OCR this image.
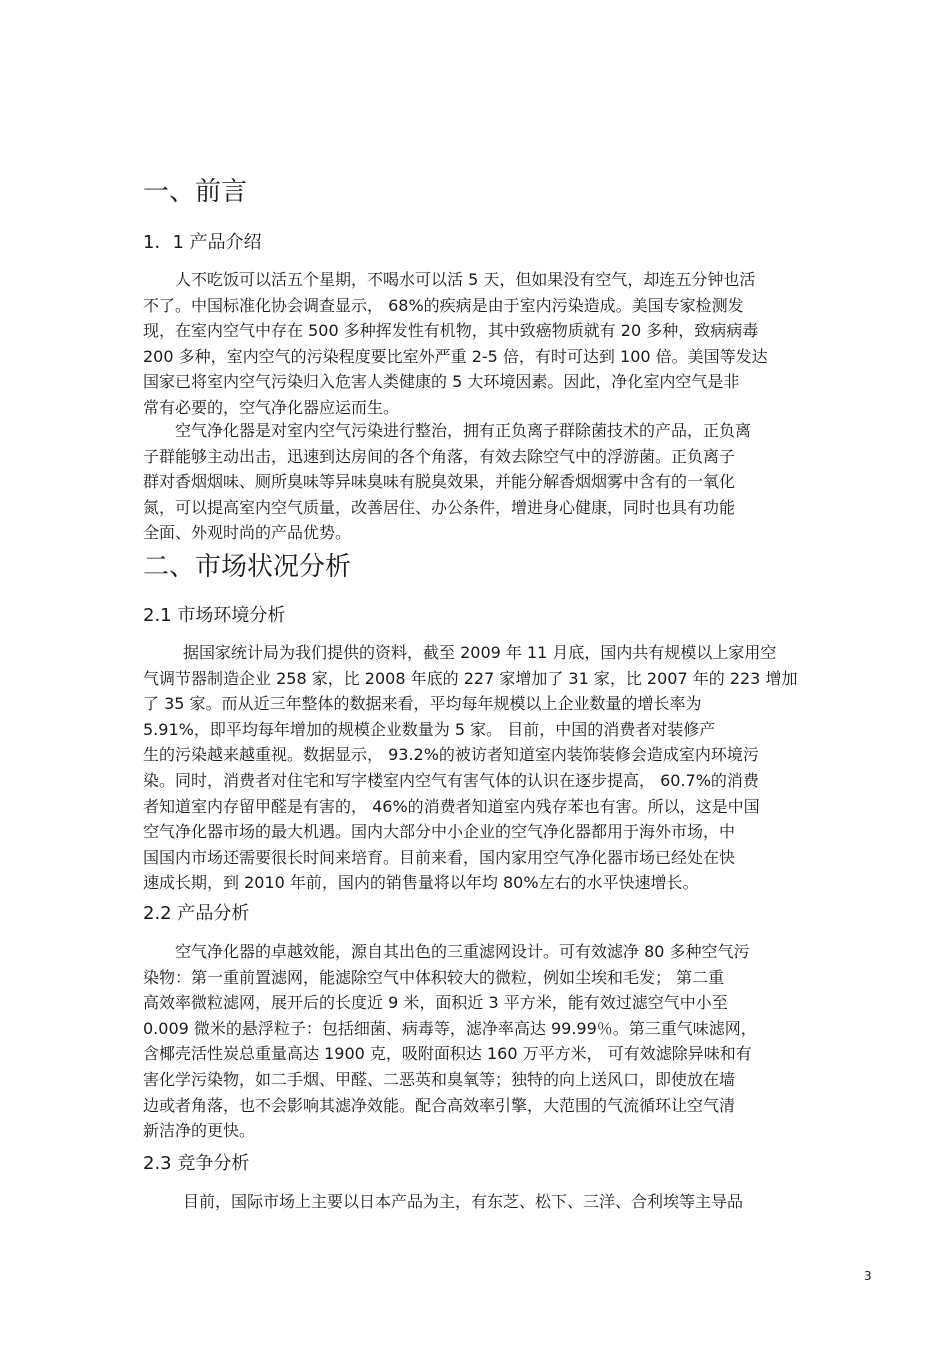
一、前言
1．1 产品介绍
人不吃饭可以活五个星期，不喝水可以活 5 天，但如果没有空气，却连五分钟也活
不了。中国标准化协会调查显示， 68%的疾病是由于室内污染造成。美国专家检测发
现，在室内空气中存在 500 多种挥发性有机物，其中致癌物质就有 20 多种，致病病毒
200 多种，室内空气的污染程度要比室外严重 2-5 倍，有时可达到 100 倍。美国等发达
国家已将室内空气污染归入危害人类健康的 5 大环境因素。因此，净化室内空气是非
常有必要的，空气净化器应运而生。
空气净化器是对室内空气污染进行整治，拥有正负离子群除菌技术的产品，正负离
子群能够主动出击，迅速到达房间的各个角落，有效去除空气中的浮游菌。正负离子
群对香烟烟味、厕所臭味等异味臭味有脱臭效果，并能分解香烟烟雾中含有的一氧化
氮，可以提高室内空气质量，改善居住、办公条件，增进身心健康，同时也具有功能
全面、外观时尚的产品优势。
二、市场状况分析
2.1 市场环境分析
据国家统计局为我们提供的资料，截至 2009 年 11 月底，国内共有规模以上家用空
气调节器制造企业 258 家，比 2008 年底的 227 家增加了 31 家，比 2007 年的 223 增加
了 35 家。而从近三年整体的数据来看，平均每年规模以上企业数量的增长率为
5.91%，即平均每年增加的规模企业数量为 5 家。 目前，中国的消费者对装修产
生的污染越来越重视。数据显示， 93.2%的被访者知道室内装饰装修会造成室内环境污
染。同时，消费者对住宅和写字楼室内空气有害气体的认识在逐步提高， 60.7%的消费
者知道室内存留甲醛是有害的， 46%的消费者知道室内残存苯也有害。所以，这是中国
空气净化器市场的最大机遇。国内大部分中小企业的空气净化器都用于海外市场，中
国国内市场还需要很长时间来培育。目前来看，国内家用空气净化器市场已经处在快
速成长期，到 2010 年前，国内的销售量将以年均 80%左右的水平快速增长。
2.2 产品分析
空气净化器的卓越效能，源自其出色的三重滤网设计。可有效滤净 80 多种空气污
染物：第一重前置滤网，能滤除空气中体积较大的微粒，例如尘埃和毛发； 第二重
高效率微粒滤网，展开后的长度近 9 米，面积近 3 平方米，能有效过滤空气中小至
0.009 微米的悬浮粒子：包括细菌、病毒等，滤净率高达 99.99％。第三重气味滤网，
含椰壳活性炭总重量高达 1900 克，吸附面积达 160 万平方米， 可有效滤除异味和有
害化学污染物，如二手烟、甲醛、二恶英和臭氧等；独特的向上送风口，即使放在墙
边或者角落，也不会影响其滤净效能。配合高效率引擎，大范围的气流循环让空气清
新洁净的更快。
2.3 竞争分析
目前，国际市场上主要以日本产品为主，有东芝、松下、三洋、合利埃等主导品
3
